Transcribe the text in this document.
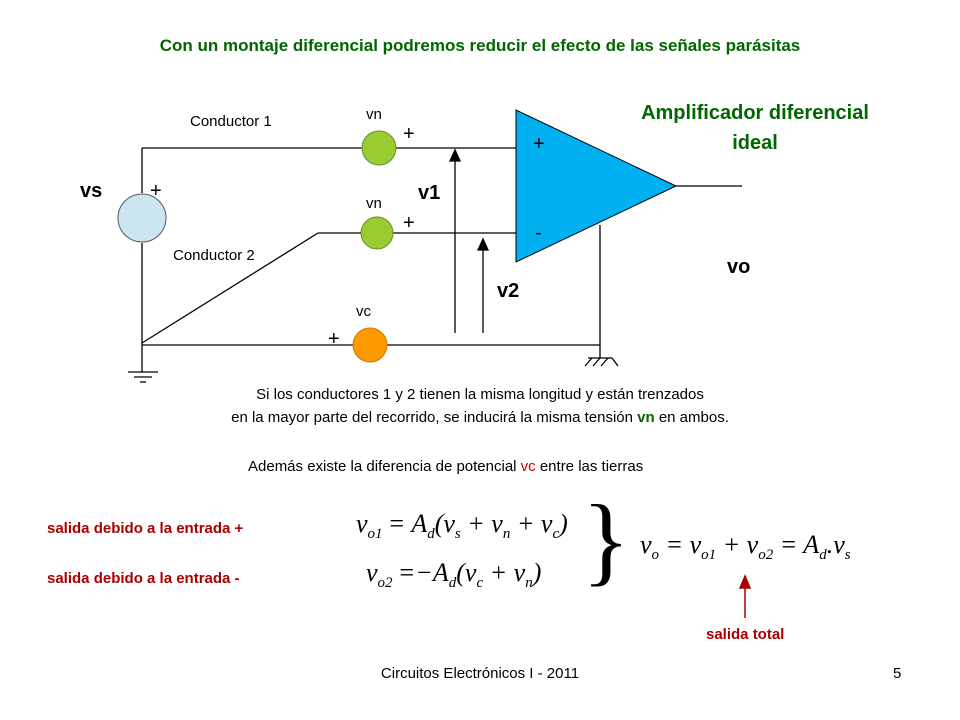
Con un montaje diferencial podremos reducir el efecto de las señales parásitas
vs +
Conductor 1
Conductor 2
vn
+
vn
+
vc
+
v1
v2
vo
+
-
Amplificador diferencial
ideal
Si los conductores 1 y 2 tienen la misma longitud y están trenzados
en la mayor parte del recorrido, se inducirá la misma tensión vn en ambos.
Además existe la diferencia de potencial vc entre las tierras
salida debido a la entrada +
salida debido a la entrada -
salida total
$v_{o1} = A_d(v_s + v_n + v_c)$
$v_{o2} =-A_d(v_c + v_n)$ } $v_o = v_{o1} + v_{o2} = A_d.v_s$
Circuitos Electrónicos I - 2011	5
